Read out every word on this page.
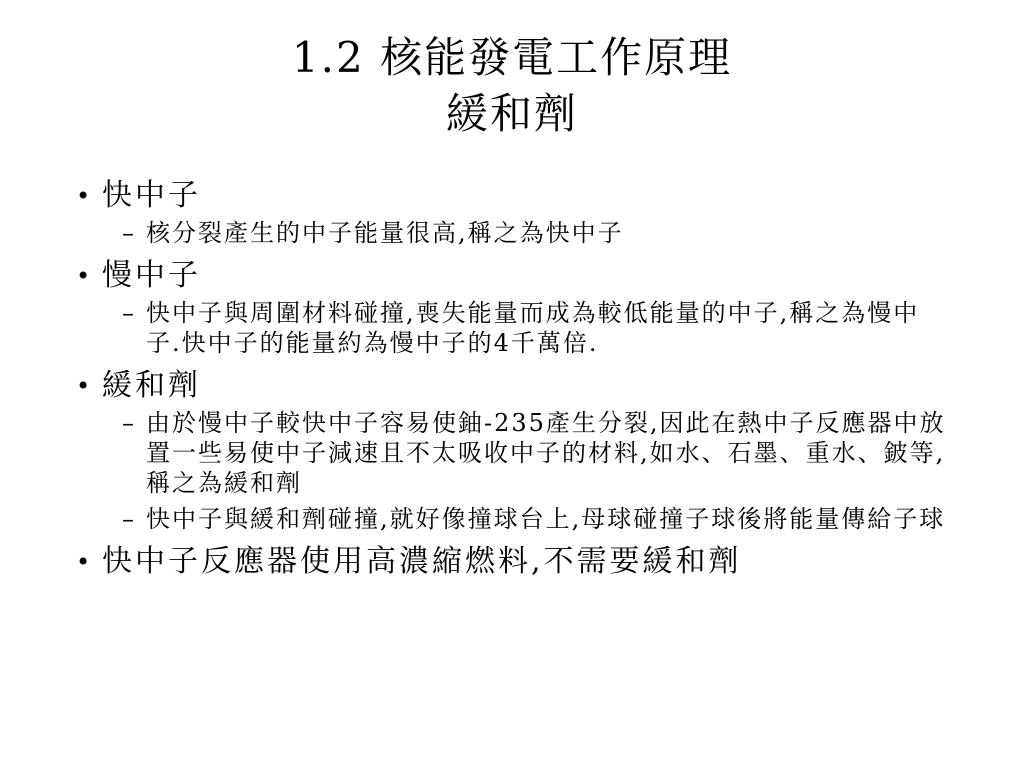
1.2 核能發電工作原理
緩和劑
• 快中子
– 核分裂產生的中子能量很高,稱之為快中子
• 慢中子
– 快中子與周圍材料碰撞,喪失能量而成為較低能量的中子,稱之為慢中子.快中子的能量約為慢中子的4千萬倍.
• 緩和劑
– 由於慢中子較快中子容易使鈾-235產生分裂,因此在熱中子反應器中放置一些易使中子減速且不太吸收中子的材料,如水、石墨、重水、鈹等,稱之為緩和劑
– 快中子與緩和劑碰撞,就好像撞球台上,母球碰撞子球後將能量傳給子球
• 快中子反應器使用高濃縮燃料,不需要緩和劑
